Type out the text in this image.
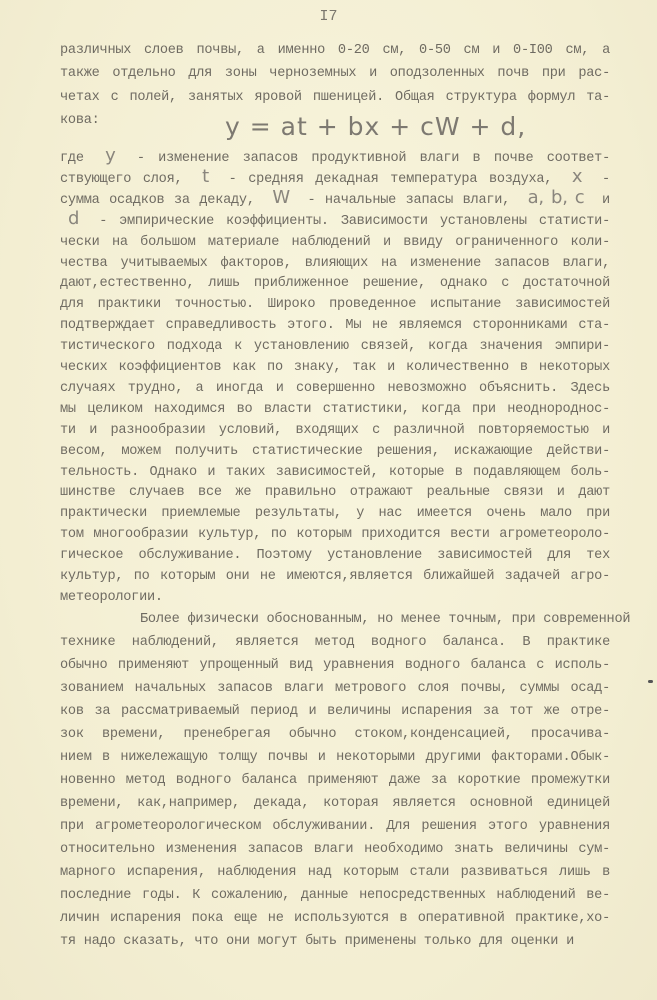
I7
y = at + bx + cW + d,
различных слоев почвы, а именно 0-20 см, 0-50 см и 0-I00 см, а
также отдельно для зоны черноземных и оподзоленных почв при рас-
четах с полей, занятых яровой пшеницей. Общая структура формул та-
кова:
где y - изменение запасов продуктивной влаги в почве соответ-
ствующего слоя, t - средняя декадная температура воздуха, x -
сумма осадков за декаду, W - начальные запасы влаги, a, b, c и
d - эмпирические коэффициенты. Зависимости установлены статисти-
чески на большом материале наблюдений и ввиду ограниченного коли-
чества учитываемых факторов, влияющих на изменение запасов влаги,
дают,естественно, лишь приближенное решение, однако с достаточной
для практики точностью. Широко проведенное испытание зависимостей
подтверждает справедливость этого. Мы не являемся сторонниками ста-
тистического подхода к установлению связей, когда значения эмпири-
ческих коэффициентов как по знаку, так и количественно в некоторых
случаях трудно, а иногда и совершенно невозможно объяснить. Здесь
мы целиком находимся во власти статистики, когда при неоднороднос-
ти и разнообразии условий, входящих с различной повторяемостью и
весом, можем получить статистические решения, искажающие действи-
тельность. Однако и таких зависимостей, которые в подавляющем боль-
шинстве случаев все же правильно отражают реальные связи и дают
практически приемлемые результаты, у нас имеется очень мало при
том многообразии культур, по которым приходится вести агрометеороло-
гическое обслуживание. Поэтому установление зависимостей для тех
культур, по которым они не имеются,является ближайшей задачей агро-
метеорологии.
Более физически обоснованным, но менее точным, при современной
технике наблюдений, является метод водного баланса. В практике
обычно применяют упрощенный вид уравнения водного баланса с исполь-
зованием начальных запасов влаги метрового слоя почвы, суммы осад-
ков за рассматриваемый период и величины испарения за тот же отре-
зок времени, пренебрегая обычно стоком,конденсацией, просачива-
нием в нижележащую толщу почвы и некоторыми другими факторами.Обык-
новенно метод водного баланса применяют даже за короткие промежутки
времени, как,например, декада, которая является основной единицей
при агрометеорологическом обслуживании. Для решения этого уравнения
относительно изменения запасов влаги необходимо знать величины сум-
марного испарения, наблюдения над которым стали развиваться лишь в
последние годы. К сожалению, данные непосредственных наблюдений ве-
личин испарения пока еще не используются в оперативной практике,хо-
тя надо сказать, что они могут быть применены только для оценки и
